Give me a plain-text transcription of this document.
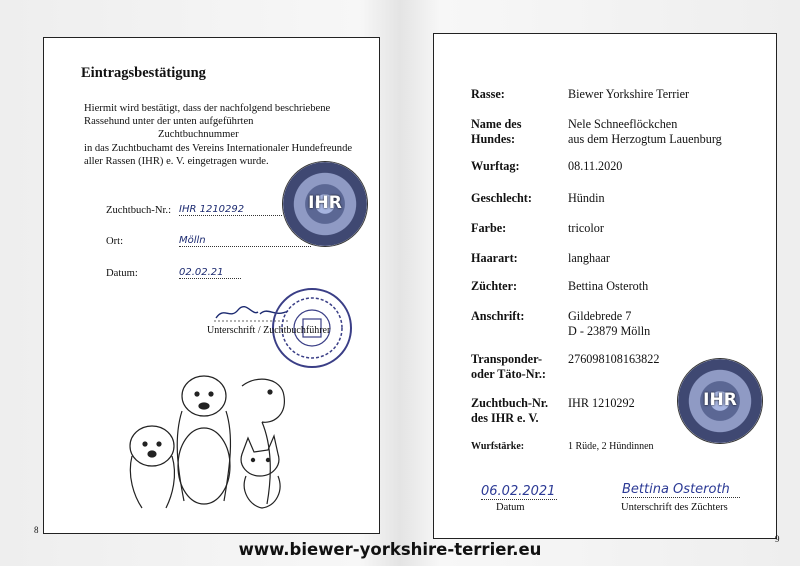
Eintragsbestätigung
Hiermit wird bestätigt, dass der nachfolgend beschriebene
Rassehund unter der unten aufgeführten
Zuchtbuchnummer
in das Zuchtbuchamt des Vereins Internationaler Hundefreunde
aller Rassen (IHR) e. V. eingetragen wurde.
IHR
Zuchtbuch-Nr.: IHR 1210292
Ort:	Mölln
Datum:	02.02.21
Unterschrift / Zuchtbuchführer
8
Rasse:	Biewer Yorkshire Terrier
Name des
Hundes:
Nele Schneeflöckchen
aus dem Herzogtum Lauenburg
Wurftag:	08.11.2020
Geschlecht:	Hündin
Farbe:	tricolor
Haarart:	langhaar
Züchter:	Bettina Osteroth
Anschrift:	Gildebrede 7
D - 23879 Mölln
Transponder-
oder Täto-Nr.:
276098108163822
Zuchtbuch-Nr.
des IHR e. V.
IHR 1210292
Wurfstärke:	1 Rüde, 2 Hündinnen
IHR
06.02.2021
Datum
Bettina Osteroth
Unterschrift des Züchters
9
www.biewer-yorkshire-terrier.eu
